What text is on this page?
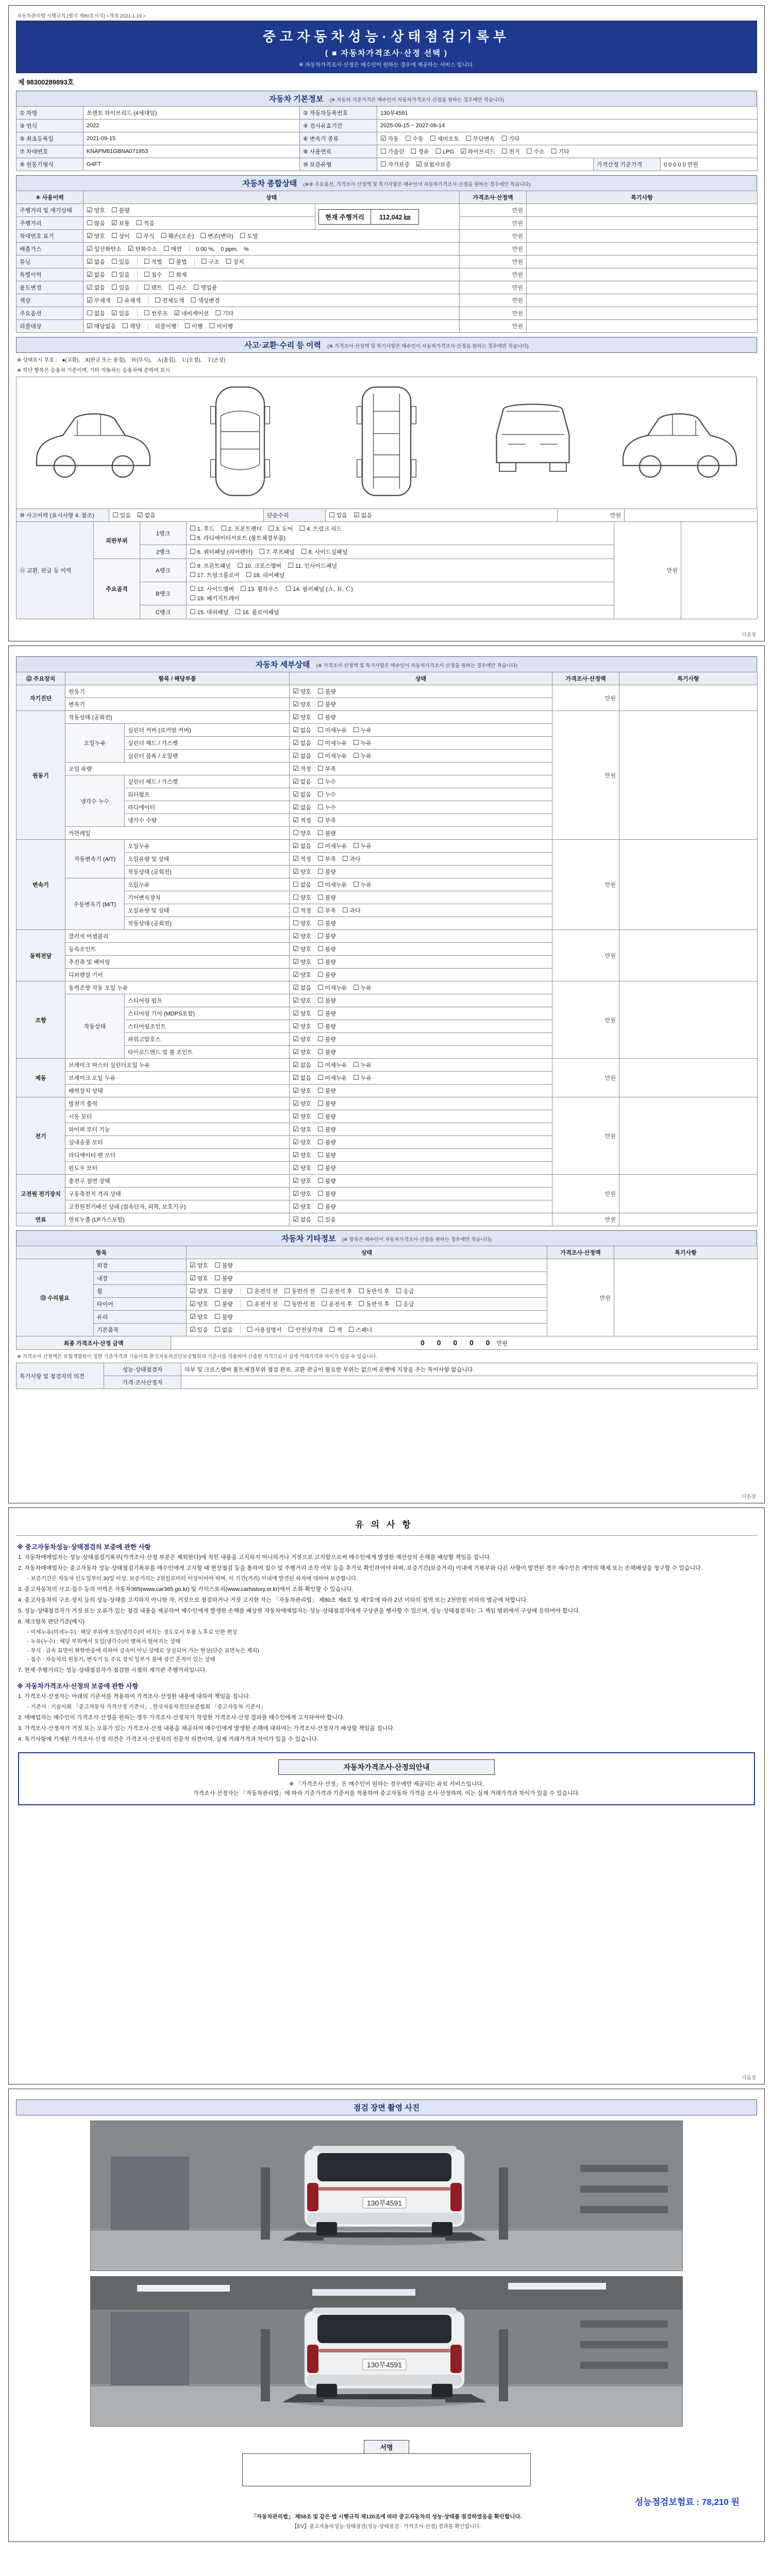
자동차관리법 시행규칙 [별지 제80호서식] <개정 2021.1.19.>
중고자동차성능·상태점검기록부
( ■ 자동차가격조사·산정 선택 )
※ 자동차가격조사·산정은 매수인이 원하는 경우에 제공하는 서비스 입니다.
제 98300289893호
자동차 기본정보 (※ 자동차 기준가격은 매수인이 자동차가격조사·산정을 원하는 경우에만 적습니다)
① 차명	쏘렌토 하이브리드 (4세대임)	② 자동차등록번호	130부4591		
③ 연식	2022	④ 검사유효기간	2025-09-15 ~ 2027-09-14		
⑤ 최초등록일	2021-09-15	⑥ 변속기 종류	☑ 자동 ☐ 수동 ☐ 세미오토 ☐ 무단변속 ☐ 기타		
⑦ 차대번호	KNAPM81GBNA071953	⑧ 사용연료	☐ 가솔린 ☐ 경유 ☐ LPG ☑ 하이브리드 ☐ 전기 ☐ 수소 ☐ 기타		
⑨ 원동기형식	G4FT	⑩ 보증유형	☐ 자가보증 ☑ 보험사보증	가격산정 기준가격	0 0 0 0 0 만원
자동차 종합상태 (※⑨ 주요옵션, 가격조사·산정액 및 특기사항은 매수인이 자동차가격조사·산정을 원하는 경우에만 적습니다)
⑨ 사용이력	상태		가격조사·산정액	특기사항
주행거리 및 계기상태	☑ 양호 ☐ 불량	현재 주행거리 112,042 ㎞	만원	
주행거리	☐ 많음 ☑ 보통 ☐ 적음		만원	
차대번호 표기	☑ 양호 ☐ 상이 ☐ 부식 ☐ 훼손(오손) ☐ 변조(변타) ☐ 도말		만원	
배출가스	☑ 일산화탄소 ☑ 탄화수소 ☐ 매연 0.00 %,　0 ppm,　%		만원	
튜닝	☑ 없음 ☐ 있음 ☐ 적법 ☐ 불법 ☐ 구조 ☐ 장치		만원	
특별이력	☑ 없음 ☐ 있음 ☐ 침수 ☐ 화재		만원	
용도변경	☑ 없음 ☐ 있음 ☐ 렌트 ☐ 리스 ☐ 영업용		만원	
색상	☑ 무채색 ☐ 유채색 ☐ 전체도색 ☐ 색상변경		만원	
주요옵션	☐ 없음 ☑ 있음 ☐ 썬루프 ☑ 네비게이션 ☐ 기타		만원	
리콜대상	☑ 해당없음 ☐ 해당 리콜이행 ☐ 이행 ☐ 미이행		만원	
사고·교환·수리 등 이력 (※ 가격조사·산정액 및 특기사항은 매수인이 자동차가격조사·산정을 원하는 경우에만 적습니다)
※ 상태표시 부호 :　●(교환),　Ⅹ(판금 또는 용접),　Ｗ(부식),　Ａ(흠집),　Ｕ(요철),　Ｔ(손상)
※ 하단 항목은 승용차 기준이며, 기타 자동차는 승용차에 준하여 표시
⑩ 사고이력 (표시사항 4. 참조)	☐ 있음 ☑ 없음	단순수리	☐ 있음 ☑ 없음	만원	
⑪ 교환, 판금 등 이력	외판부위	1랭크	☐ 1. 후드 ☐ 2. 프론트펜더 ☐ 3. 도어 ☐ 4. 트렁크 리드
☐ 5. 라디에이터서포트 (볼트체결부품)	만원	
		2랭크	☐ 6. 쿼터패널 (리어펜더) ☐ 7. 루프패널 ☐ 8. 사이드실패널		

	주요골격	A랭크	☐ 9. 프론트패널 ☐ 10. 크로스멤버 ☐ 11. 인사이드패널
☐ 17. 트렁크플로어 ☐ 18. 리어패널		

		B랭크	☐ 12. 사이드멤버 ☐ 13. 휠하우스 ☐ 14. 필러패널 (Ａ, Ｂ, Ｃ)
☐ 19. 패키지트레이		

		C랭크	☐ 15. 대쉬패널 ☐ 16. 플로어패널		
다음장
자동차 세부상태 (※ 가격조사·산정액 및 특기사항은 매수인이 자동차가격조사·산정을 원하는 경우에만 적습니다)
⑫ 주요장치	항목 / 해당부품		상태	가격조사·산정액	특기사항
자기진단	원동기		☑ 양호 ☐ 불량	만원	
	변속기		☑ 양호 ☐ 불량		
원동기	작동상태 (공회전)		☑ 양호 ☐ 불량	만원	
	오일누유	실린더 커버 (로커암 커버)	☑ 없음 ☐ 미세누유 ☐ 누유		
		실린더 헤드 / 가스켓	☑ 없음 ☐ 미세누유 ☐ 누유		
		실린더 블록 / 오일팬	☑ 없음 ☐ 미세누유 ☐ 누유		
	오일 유량		☑ 적정 ☐ 부족		
	냉각수 누수	실린더 헤드 / 가스켓	☑ 없음 ☐ 누수		
		워터펌프	☑ 없음 ☐ 누수		
		라디에이터	☑ 없음 ☐ 누수		
		냉각수 수량	☑ 적정 ☐ 부족		
	커먼레일		☐ 양호 ☐ 불량		
변속기	자동변속기 (A/T)	오일누유	☑ 없음 ☐ 미세누유 ☐ 누유	만원	
		오일유량 및 상태	☑ 적정 ☐ 부족 ☐ 과다		
		작동상태 (공회전)	☑ 양호 ☐ 불량		
	수동변속기 (M/T)	오일누유	☐ 없음 ☐ 미세누유 ☐ 누유		
		기어변속장치	☐ 양호 ☐ 불량		
		오일유량 및 상태	☐ 적정 ☐ 부족 ☐ 과다		
		작동상태 (공회전)	☐ 양호 ☐ 불량		
동력전달	클러치 어셈블리		☑ 양호 ☐ 불량	만원	
	등속조인트		☑ 양호 ☐ 불량		
	추진축 및 베어링		☑ 양호 ☐ 불량		
	디퍼렌셜 기어		☑ 양호 ☐ 불량		
조향	동력조향 작동 오일 누유		☑ 없음 ☐ 미세누유 ☐ 누유	만원	
	작동상태	스티어링 펌프	☑ 양호 ☐ 불량		
		스티어링 기어 (MDPS포함)	☑ 양호 ☐ 불량		
		스티어링조인트	☑ 양호 ☐ 불량		
		파워고압호스	☑ 양호 ☐ 불량		
		타이로드엔드 및 볼 조인트	☑ 양호 ☐ 불량		
제동	브레이크 마스터 실린더오일 누유		☑ 없음 ☐ 미세누유 ☐ 누유	만원	
	브레이크 오일 누유		☑ 없음 ☐ 미세누유 ☐ 누유		
	배력장치 상태		☑ 양호 ☐ 불량		
전기	발전기 출력		☑ 양호 ☐ 불량	만원	
	시동 모터		☑ 양호 ☐ 불량		
	와이퍼 모터 기능		☑ 양호 ☐ 불량		
	실내송풍 모터		☑ 양호 ☐ 불량		
	라디에이터 팬 모터		☑ 양호 ☐ 불량		
	윈도우 모터		☑ 양호 ☐ 불량		
고전원 전기장치	충전구 절연 상태		☑ 양호 ☐ 불량	만원	
	구동축전지 격리 상태		☑ 양호 ☐ 불량		
	고전원전기배선 상태 (접속단자, 피복, 보호기구)		☑ 양호 ☐ 불량		
연료	연료누출 (LP가스포함)		☑ 없음 ☐ 있음	만원	
자동차 기타정보 (※ 항목은 매수인이 자동차가격조사·산정을 원하는 경우에만 적습니다)
항목		상태	가격조사·산정액	특기사항
⑬ 수리필요	외장	☑ 양호 ☐ 불량	만원	
	내장	☑ 양호 ☐ 불량		
	휠	☑ 양호 ☐ 불량 ☐ 운전석 전 ☐ 동반석 전 ☐ 운전석 후 ☐ 동반석 후 ☐ 응급		
	타이어	☑ 양호 ☐ 불량 ☐ 운전석 전 ☐ 동반석 전 ☐ 운전석 후 ☐ 동반석 후 ☐ 응급		
	유리	☑ 양호 ☐ 불량		
	기본품목	☑ 있음 ☐ 없음 ☐ 사용설명서 ☐ 안전삼각대 ☐ 잭 ☐ 스패너		
최종 가격조사·산정 금액	0 0 0 0 0 만원
※ 가격조사·산정액은 보험개발원이 정한 기준가격과 기술사회·한국자동차진단보증협회의 기준서를 적용하여 산출한 가격으로서 실제 거래가격과 차이가 있을 수 있습니다.
특기사항 및 점검자의 의견	성능·상태점검자	하부 및 크로스멤버 볼트체결부위 점검 완료. 교환·판금이 필요한 부위는 없으며 운행에 지장을 주는 특이사항 없습니다.
	가격·조사산정자	
다음장
유의사항
※ 중고자동차성능·상태점검의 보증에 관한 사항
1. 자동차매매업자는 성능·상태점검기록부(가격조사·산정 부분은 제외한다)에 적힌 내용을 고지하지 아니하거나 거짓으로 고지함으로써 매수인에게 발생한 재산상의 손해를 배상할 책임을 집니다.
2. 자동차매매업자는 중고자동차 성능·상태점검기록부를 매수인에게 고지할 때 현장점검 등을 통하여 침수 및 주행거리 조작 여부 등을 추가로 확인하여야 하며, 보증기간(보증거리) 이내에 기록부와 다른 사항이 발견된 경우 매수인은 계약의 해제 또는 손해배상을 청구할 수 있습니다.
- 보증기간은 자동차 인도일부터 30일 이상, 보증거리는 2천킬로미터 이상이어야 하며, 이 기간(거리) 이내에 발견된 하자에 대하여 보증합니다.
3. 중고자동차의 사고·침수 등의 이력은 자동차365(www.car365.go.kr) 및 카히스토리(www.carhistory.or.kr)에서 조회·확인할 수 있습니다.
4. 중고자동차의 구조·장치 등의 성능·상태를 고지하지 아니한 자, 거짓으로 점검하거나 거짓 고지한 자는 「자동차관리법」 제80조 제6호 및 제7호에 따라 2년 이하의 징역 또는 2천만원 이하의 벌금에 처합니다.
5. 성능·상태점검자가 거짓 또는 오류가 있는 점검 내용을 제공하여 매수인에게 발생한 손해를 배상한 자동차매매업자는 성능·상태점검자에게 구상권을 행사할 수 있으며, 성능·상태점검자는 그 책임 범위에서 구상에 응하여야 합니다.
6. 체크항목 판단기준(예시)
- 미세누유(미세누수) : 해당 부위에 오일(냉각수)이 비치는 정도로서 부품 노후로 인한 현상
- 누유(누수) : 해당 부위에서 오일(냉각수)이 맺혀서 떨어지는 상태
- 부식 : 금속 표면이 화학반응에 의하여 금속이 아닌 상태로 상실되어 가는 현상(단순 표면녹은 제외)
- 침수 : 자동차의 원동기, 변속기 등 주요 장치 일부가 물에 잠긴 흔적이 있는 상태
7. 현재 주행거리는 성능·상태점검자가 점검한 시점의 계기판 주행거리입니다.
※ 자동차가격조사·산정의 보증에 관한 사항
1. 가격조사·산정자는 아래의 기준서를 적용하여 가격조사·산정한 내용에 대하여 책임을 집니다.
- 기준서 : 기술사회 「중고자동차 가격산정 기준서」, 한국자동차진단보증협회 「중고자동차 기준서」
2. 매매업자는 매수인이 가격조사·산정을 원하는 경우 가격조사·산정자가 작성한 가격조사·산정 결과를 매수인에게 고지하여야 합니다.
3. 가격조사·산정자가 거짓 또는 오류가 있는 가격조사·산정 내용을 제공하여 매수인에게 발생한 손해에 대하여는 가격조사·산정자가 배상할 책임을 집니다.
4. 특기사항에 기재된 가격조사·산정 의견은 가격조사·산정자의 전문적 의견이며, 실제 거래가격과 차이가 있을 수 있습니다.
자동차가격조사·산정의안내
※ 「가격조사·산정」은 매수인이 원하는 경우에만 제공되는 유료 서비스입니다.
가격조사·산정자는 「자동차관리법」에 따라 기준가격과 기준서를 적용하여 중고자동차 가격을 조사·산정하며, 이는 실제 거래가격과 차이가 있을 수 있습니다.
다음장
점검 장면 촬영 사진
130부4591
130부4591
서명
성능점검보험료 : 78,210 원
「자동차관리법」 제58조 및 같은 법 시행규칙 제120조에 따라 중고자동차의 성능·상태를 점검하였음을 확인합니다.
【EV】중고자동차성능·상태점검(성능·상태점검 · 가격조사·산정) 결과를 확인합니다.
